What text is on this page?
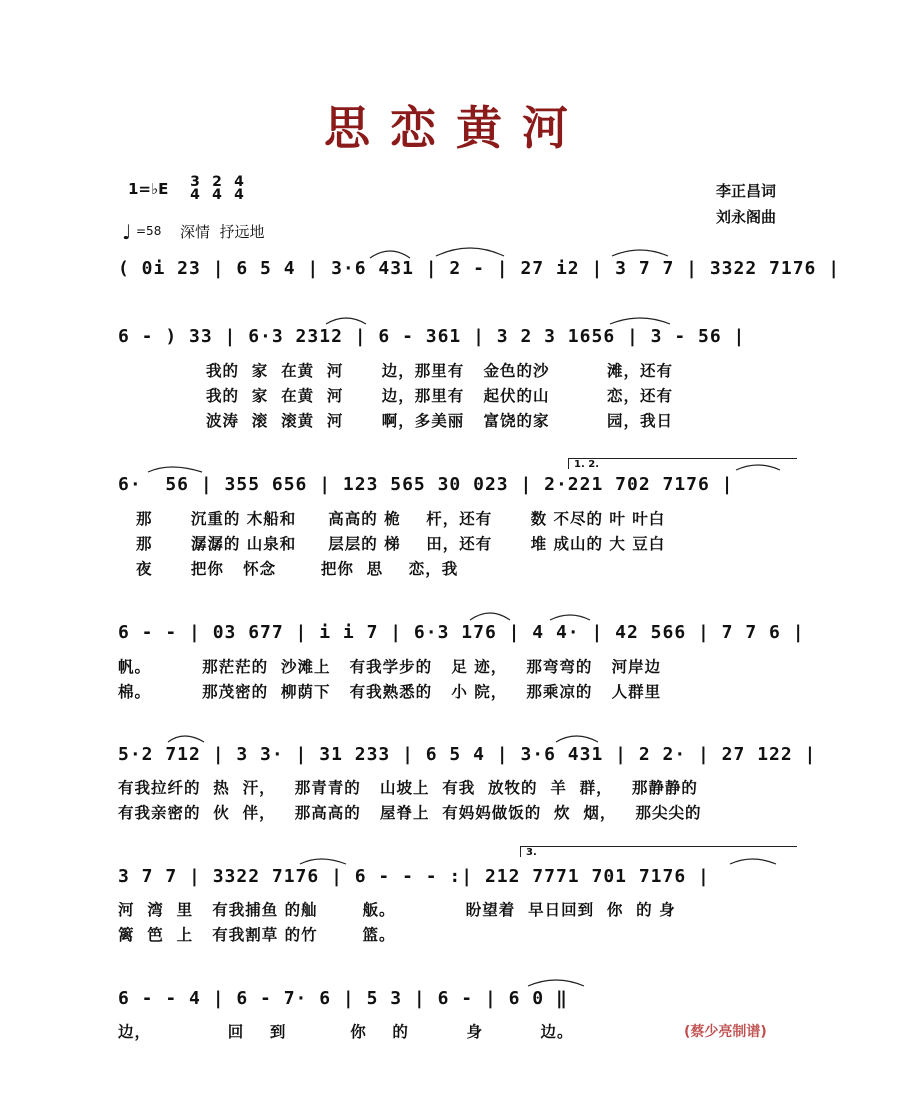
思恋黄河
1=♭E 3
4
2
4
4
4
♩ =58 深情  抒远地
李正昌词
刘永阁曲
( 0i 23 | 6 5 4 | 3·6 431 | 2 - | 27 i2 | 3 7 7 | 3322 7176 |
6 - ) 33 | 6·3 2312 | 6 - 361 | 3 2 3 1656 | 3 - 56 |
我的  家  在黄  河      边，那里有   金色的沙         滩，还有
我的  家  在黄  河      边，那里有   起伏的山         恋，还有
波涛  滚  滚黄  河      啊，多美丽   富饶的家         园，我日
1. 2.
6·  56 | 355 656 | 123 565 30 023 | 2·221 702 7176 |
那      沉重的 木船和     高高的 桅    杆，还有      数 不尽的 叶 叶白
那      潺潺的 山泉和     层层的 梯    田，还有      堆 成山的 大 豆白
夜      把你   怀念       把你  思    恋，我
6 - - | 03 677 | i i 7 | 6·3 176 | 4 4· | 42 566 | 7 7 6 |
帆。        那茫茫的  沙滩上   有我学步的   足 迹，   那弯弯的   河岸边
棉。        那茂密的  柳荫下   有我熟悉的   小 院，   那乘凉的   人群里
5·2 712 | 3 3· | 31 233 | 6 5 4 | 3·6 431 | 2 2· | 27 122 |
有我拉纤的  热  汗，   那青青的   山坡上  有我  放牧的  羊  群，   那静静的
有我亲密的  伙  伴，   那高高的   屋脊上  有妈妈做饭的  炊  烟，   那尖尖的
3.
3 7 7 | 3322 7176 | 6 - - - :| 212 7771 701 7176 |
河  湾  里   有我捕鱼 的舢       舨。           盼望着  早日回到  你  的 身
篱  笆  上   有我割草 的竹       篮。
6 - - 4 | 6 - 7· 6 | 5 3 | 6 - | 6 0 ‖
边，            回    到          你    的         身         边。	(蔡少亮制谱)
